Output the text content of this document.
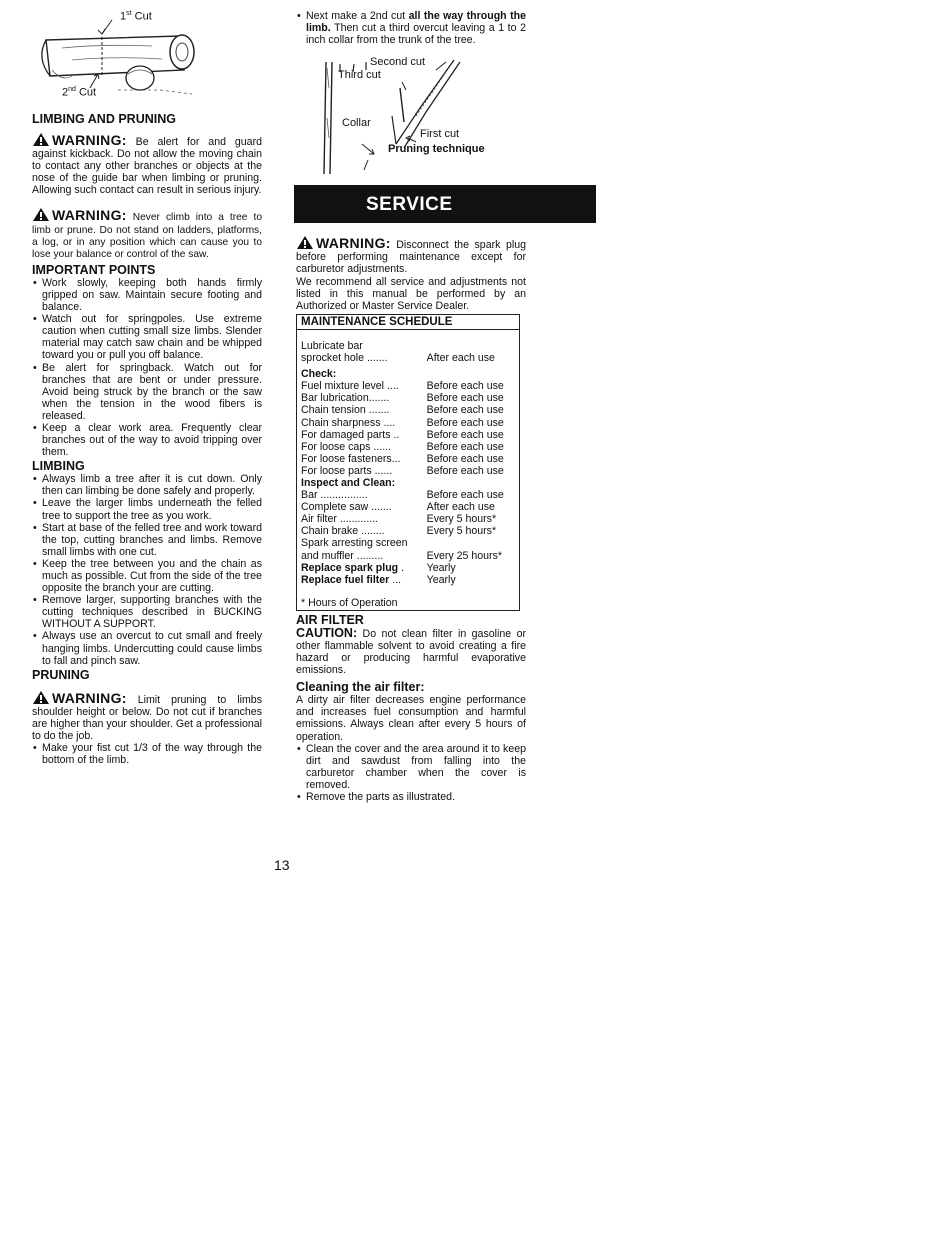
1st Cut
2nd Cut
LIMBING AND PRUNING

WARNING: Be alert for and guard against kickback. Do not allow the moving chain to contact any other branches or objects at the nose of the guide bar when limbing or pruning. Allowing such contact can result in serious injury.

WARNING: Never climb into a tree to limb or prune. Do not stand on ladders, platforms, a log, or in any position which can cause you to lose your balance or control of the saw.

IMPORTANT POINTS
• Work slowly, keeping both hands firmly gripped on saw. Maintain secure footing and balance.
• Watch out for springpoles. Use extreme caution when cutting small size limbs. Slender material may catch saw chain and be whipped toward you or pull you off balance.
• Be alert for springback. Watch out for branches that are bent or under pressure. Avoid being struck by the branch or the saw when the tension in the wood fibers is released.
• Keep a clear work area. Frequently clear branches out of the way to avoid tripping over them.
LIMBING
• Always limb a tree after it is cut down. Only then can limbing be done safely and properly.
• Leave the larger limbs underneath the felled tree to support the tree as you work.
• Start at base of the felled tree and work toward the top, cutting branches and limbs. Remove small limbs with one cut.
• Keep the tree between you and the chain as much as possible. Cut from the side of the tree opposite the branch your are cutting.
• Remove larger, supporting branches with the cutting techniques described in BUCKING WITHOUT A SUPPORT.
• Always use an overcut to cut small and freely hanging limbs. Undercutting could cause limbs to fall and pinch saw.
PRUNING

WARNING: Limit pruning to limbs shoulder height or below. Do not cut if branches are higher than your shoulder. Get a professional to do the job.

• Make your fist cut 1/3 of the way through the bottom of the limb.
• Next make a 2nd cut all the way through the limb. Then cut a third overcut leaving a 1 to 2 inch collar from the trunk of the tree.
Second cut
Third cut
Collar
First cut
Pruning technique
SERVICE

WARNING: Disconnect the spark plug before performing maintenance except for carburetor adjustments.

We recommend all service and adjustments not listed in this manual be performed by an Authorized or Master Service Dealer.

MAINTENANCE SCHEDULE	

Lubricate bar	
sprocket hole .......	After each use
Check:	
Fuel mixture level ....	Before each use
Bar lubrication.......	Before each use
Chain tension .......	Before each use
Chain sharpness ....	Before each use
For damaged parts ..	Before each use
For loose caps ......	Before each use
For loose fasteners...	Before each use
For loose parts ......	Before each use
Inspect and Clean:	
Bar ................	Before each use
Complete saw .......	After each use
Air filter .............	Every 5 hours*
Chain brake ........	Every 5 hours*
Spark arresting screen	
and muffler .........	Every 25 hours*
Replace spark plug .	Yearly
Replace fuel filter ...	Yearly

* Hours of Operation	
AIR FILTER

CAUTION: Do not clean filter in gasoline or other flammable solvent to avoid creating a fire hazard or producing harmful evaporative emissions.

Cleaning the air filter:

A dirty air filter decreases engine performance and increases fuel consumption and harmful emissions. Always clean after every 5 hours of operation.

• Clean the cover and the area around it to keep dirt and sawdust from falling into the carburetor chamber when the cover is removed.
• Remove the parts as illustrated.
13
